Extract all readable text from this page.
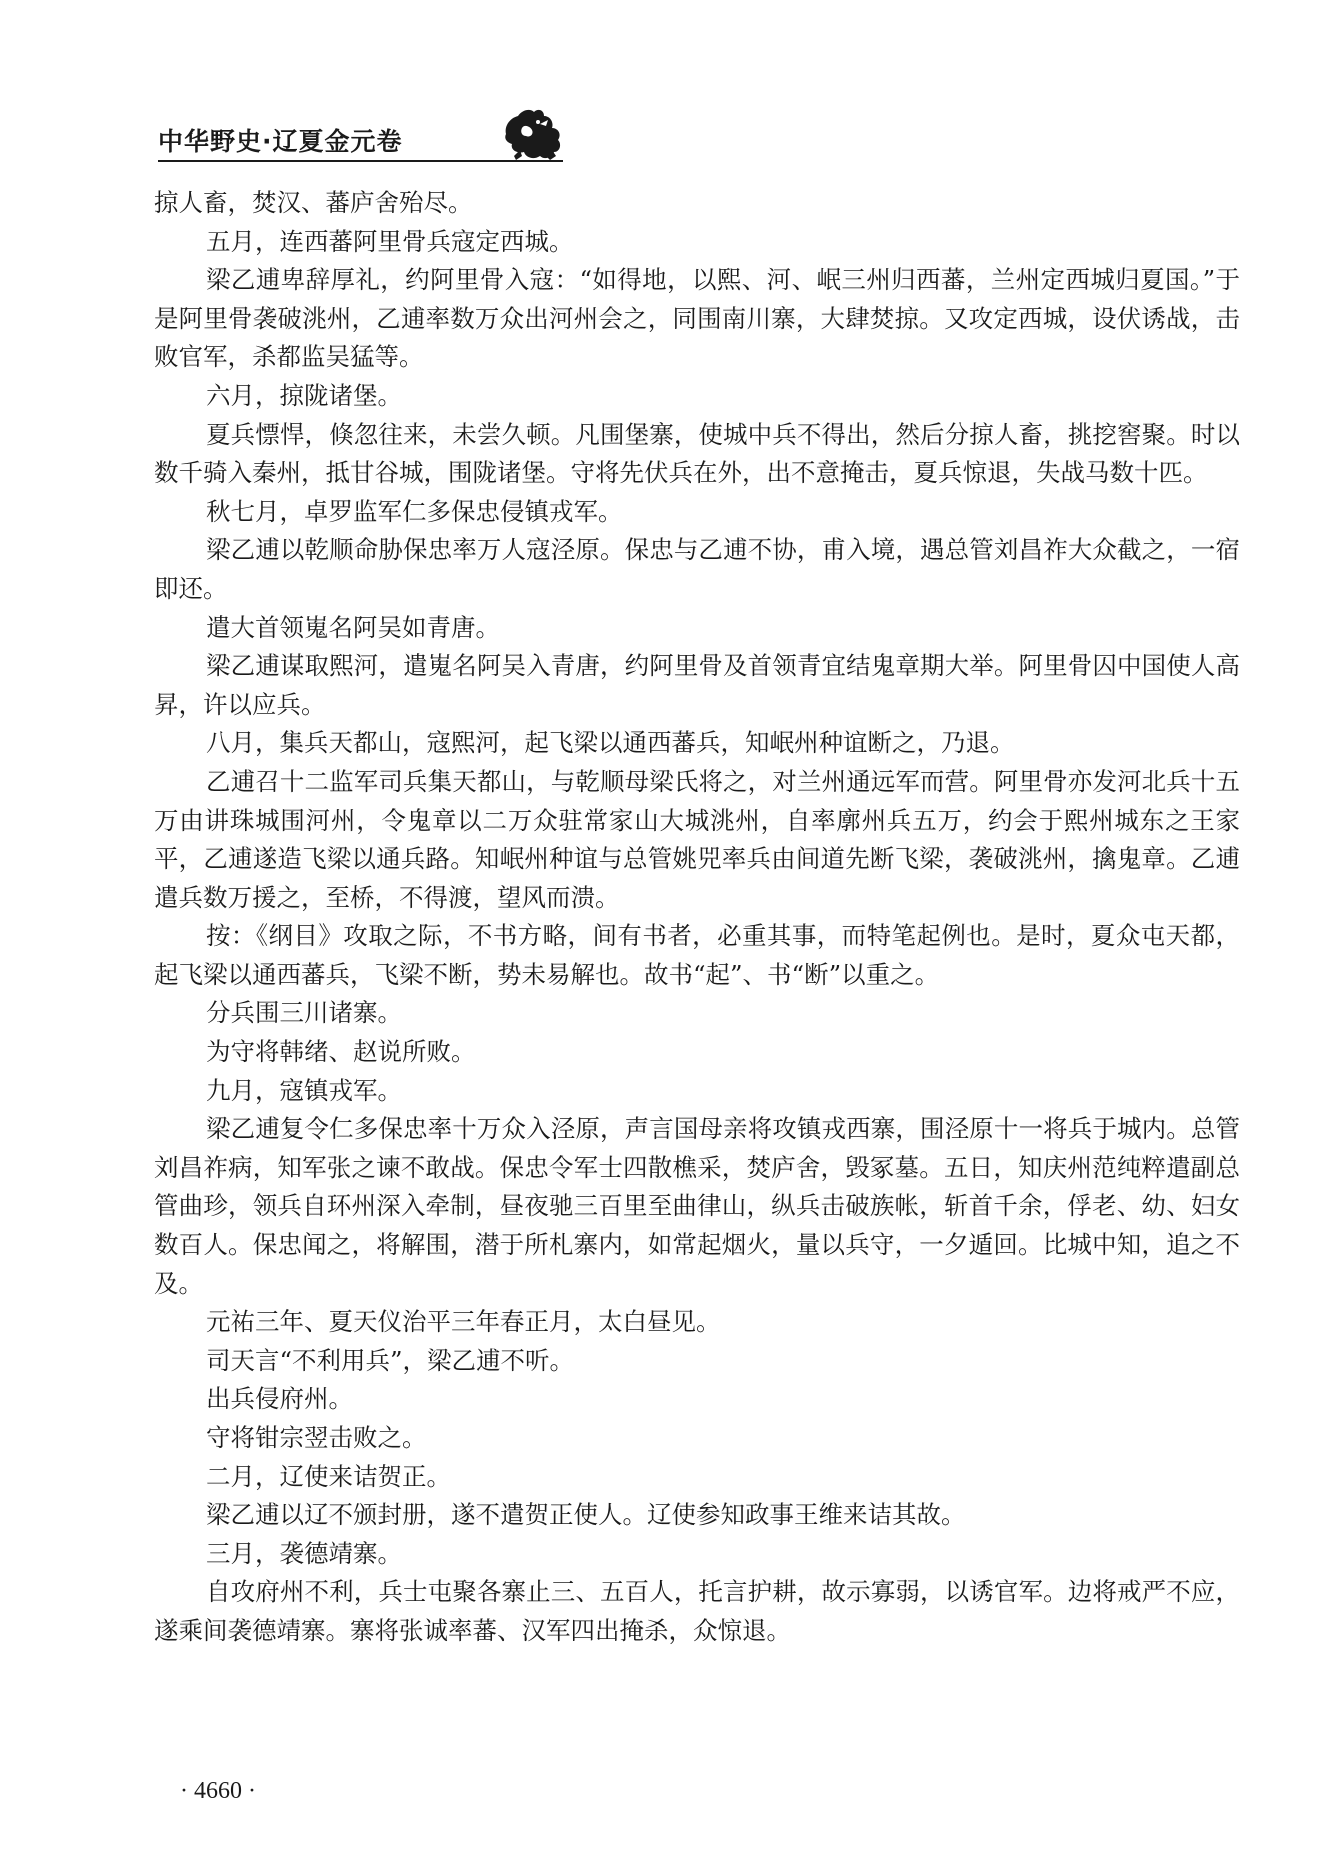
中华野史·辽夏金元卷

掠人畜，焚汉、蕃庐舍殆尽。

五月，连西蕃阿里骨兵寇定西城。

梁乙逋卑辞厚礼，约阿里骨入寇：“如得地，以熙、河、岷三州归西蕃，兰州定西城归夏国。”于是阿里骨袭破洮州，乙逋率数万众出河州会之，同围南川寨，大肆焚掠。又攻定西城，设伏诱战，击败官军，杀都监吴猛等。

六月，掠陇诸堡。

夏兵慓悍，倏忽往来，未尝久顿。凡围堡寨，使城中兵不得出，然后分掠人畜，挑挖窖聚。时以数千骑入秦州，抵甘谷城，围陇诸堡。守将先伏兵在外，出不意掩击，夏兵惊退，失战马数十匹。

秋七月，卓罗监军仁多保忠侵镇戎军。

梁乙逋以乾顺命胁保忠率万人寇泾原。保忠与乙逋不协，甫入境，遇总管刘昌祚大众截之，一宿即还。

遣大首领嵬名阿吴如青唐。

梁乙逋谋取熙河，遣嵬名阿吴入青唐，约阿里骨及首领青宜结鬼章期大举。阿里骨囚中国使人高昇，许以应兵。

八月，集兵天都山，寇熙河，起飞梁以通西蕃兵，知岷州种谊断之，乃退。

乙逋召十二监军司兵集天都山，与乾顺母梁氏将之，对兰州通远军而营。阿里骨亦发河北兵十五万由讲珠城围河州，令鬼章以二万众驻常家山大城洮州，自率廓州兵五万，约会于熙州城东之王家平，乙逋遂造飞梁以通兵路。知岷州种谊与总管姚兕率兵由间道先断飞梁，袭破洮州，擒鬼章。乙逋遣兵数万援之，至桥，不得渡，望风而溃。

按：《纲目》攻取之际，不书方略，间有书者，必重其事，而特笔起例也。是时，夏众屯天都，起飞梁以通西蕃兵，飞梁不断，势未易解也。故书“起”、书“断”以重之。

分兵围三川诸寨。

为守将韩绪、赵说所败。

九月，寇镇戎军。

梁乙逋复令仁多保忠率十万众入泾原，声言国母亲将攻镇戎西寨，围泾原十一将兵于城内。总管刘昌祚病，知军张之谏不敢战。保忠令军士四散樵采，焚庐舍，毁冢墓。五日，知庆州范纯粹遣副总管曲珍，领兵自环州深入牵制，昼夜驰三百里至曲律山，纵兵击破族帐，斩首千余，俘老、幼、妇女数百人。保忠闻之，将解围，潜于所札寨内，如常起烟火，量以兵守，一夕遁回。比城中知，追之不及。

元祐三年、夏天仪治平三年春正月，太白昼见。

司天言“不利用兵”，梁乙逋不听。

出兵侵府州。

守将钳宗翌击败之。

二月，辽使来诘贺正。

梁乙逋以辽不颁封册，遂不遣贺正使人。辽使参知政事王维来诘其故。

三月，袭德靖寨。

自攻府州不利，兵士屯聚各寨止三、五百人，托言护耕，故示寡弱，以诱官军。边将戒严不应，遂乘间袭德靖寨。寨将张诚率蕃、汉军四出掩杀，众惊退。

· 4660 ·
